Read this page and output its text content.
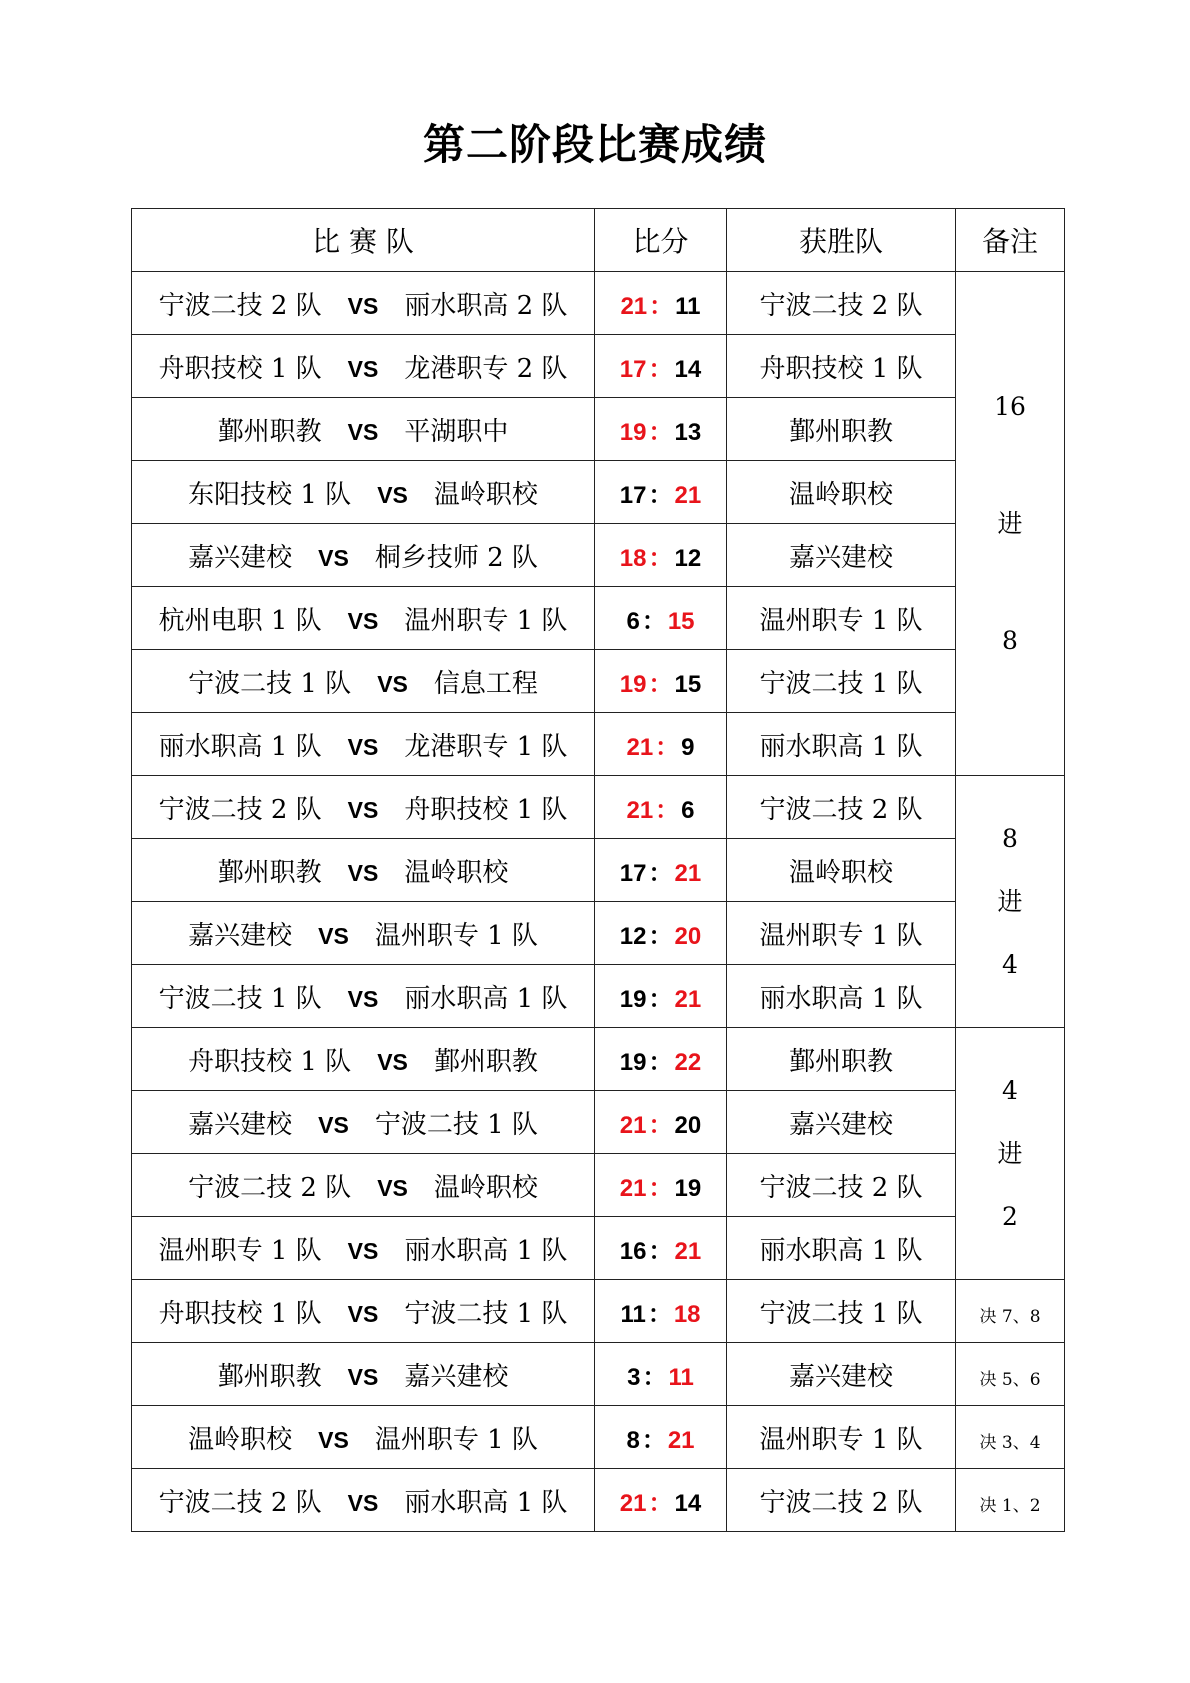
第二阶段比赛成绩
比 赛 队	比分	获胜队	备注
宁波二技 2 队 VS 丽水职高 2 队	21：11	宁波二技 2 队	16
进
8

舟职技校 1 队 VS 龙港职专 2 队	17：14	舟职技校 1 队	
鄞州职教 VS 平湖职中	19：13	鄞州职教	
东阳技校 1 队 VS 温岭职校	17：21	温岭职校	
嘉兴建校 VS 桐乡技师 2 队	18：12	嘉兴建校	
杭州电职 1 队 VS 温州职专 1 队	6：15	温州职专 1 队	
宁波二技 1 队 VS 信息工程	19：15	宁波二技 1 队	
丽水职高 1 队 VS 龙港职专 1 队	21：9	丽水职高 1 队	
宁波二技 2 队 VS 舟职技校 1 队	21：6	宁波二技 2 队	8
进
4

鄞州职教 VS 温岭职校	17：21	温岭职校	
嘉兴建校 VS 温州职专 1 队	12：20	温州职专 1 队	
宁波二技 1 队 VS 丽水职高 1 队	19：21	丽水职高 1 队	
舟职技校 1 队 VS 鄞州职教	19：22	鄞州职教	4
进
2

嘉兴建校 VS 宁波二技 1 队	21：20	嘉兴建校	
宁波二技 2 队 VS 温岭职校	21：19	宁波二技 2 队	
温州职专 1 队 VS 丽水职高 1 队	16：21	丽水职高 1 队	
舟职技校 1 队 VS 宁波二技 1 队	11：18	宁波二技 1 队	决 7、8

鄞州职教 VS 嘉兴建校	3：11	嘉兴建校	决 5、6

温岭职校 VS 温州职专 1 队	8：21	温州职专 1 队	决 3、4

宁波二技 2 队 VS 丽水职高 1 队	21：14	宁波二技 2 队	决 1、2
